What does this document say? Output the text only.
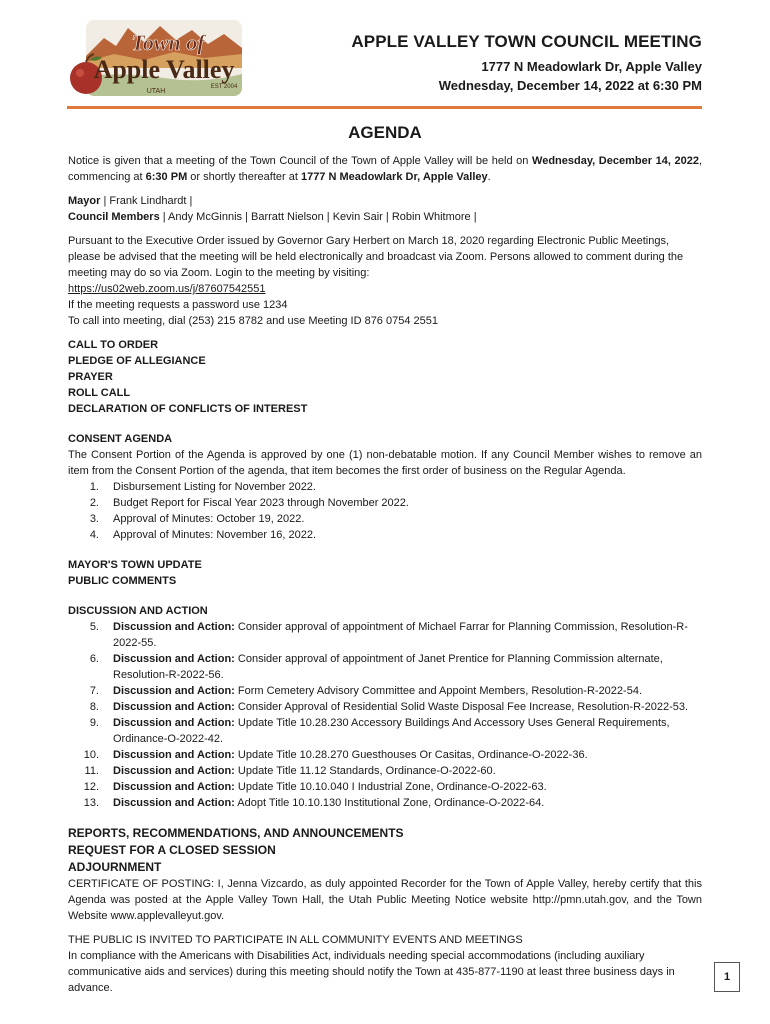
Town of
Apple Valley
UTAH
EST 2004
APPLE VALLEY TOWN COUNCIL MEETING
1777 N Meadowlark Dr, Apple Valley
Wednesday, December 14, 2022 at 6:30 PM
AGENDA

Notice is given that a meeting of the Town Council of the Town of Apple Valley will be held on Wednesday, December 14, 2022, commencing at 6:30 PM or shortly thereafter at 1777 N Meadowlark Dr, Apple Valley.

Mayor | Frank Lindhardt |
Council Members | Andy McGinnis | Barratt Nielson | Kevin Sair | Robin Whitmore |

Pursuant to the Executive Order issued by Governor Gary Herbert on March 18, 2020 regarding Electronic Public Meetings, please be advised that the meeting will be held electronically and broadcast via Zoom. Persons allowed to comment during the meeting may do so via Zoom. Login to the meeting by visiting:

https://us02web.zoom.us/j/87607542551
If the meeting requests a password use 1234
To call into meeting, dial (253) 215 8782 and use Meeting ID 876 0754 2551
CALL TO ORDER
PLEDGE OF ALLEGIANCE
PRAYER
ROLL CALL
DECLARATION OF CONFLICTS OF INTEREST
CONSENT AGENDA

The Consent Portion of the Agenda is approved by one (1) non-debatable motion. If any Council Member wishes to remove an item from the Consent Portion of the agenda, that item becomes the first order of business on the Regular Agenda.

1. Disbursement Listing for November 2022.
2. Budget Report for Fiscal Year 2023 through November 2022.
3. Approval of Minutes: October 19, 2022.
4. Approval of Minutes: November 16, 2022.
MAYOR'S TOWN UPDATE
PUBLIC COMMENTS
DISCUSSION AND ACTION
5. Discussion and Action: Consider approval of appointment of Michael Farrar for Planning Commission, Resolution-R-2022-55.
6. Discussion and Action: Consider approval of appointment of Janet Prentice for Planning Commission alternate, Resolution-R-2022-56.
7. Discussion and Action: Form Cemetery Advisory Committee and Appoint Members, Resolution-R-2022-54.
8. Discussion and Action: Consider Approval of Residential Solid Waste Disposal Fee Increase, Resolution-R-2022-53.
9. Discussion and Action: Update Title 10.28.230 Accessory Buildings And Accessory Uses General Requirements, Ordinance-O-2022-42.
10. Discussion and Action: Update Title 10.28.270 Guesthouses Or Casitas, Ordinance-O-2022-36.
11. Discussion and Action: Update Title 11.12 Standards, Ordinance-O-2022-60.
12. Discussion and Action: Update Title 10.10.040 I Industrial Zone, Ordinance-O-2022-63.
13. Discussion and Action: Adopt Title 10.10.130 Institutional Zone, Ordinance-O-2022-64.
REPORTS, RECOMMENDATIONS, AND ANNOUNCEMENTS
REQUEST FOR A CLOSED SESSION
ADJOURNMENT

CERTIFICATE OF POSTING: I, Jenna Vizcardo, as duly appointed Recorder for the Town of Apple Valley, hereby certify that this Agenda was posted at the Apple Valley Town Hall, the Utah Public Meeting Notice website http://pmn.utah.gov, and the Town Website www.applevalleyut.gov.

THE PUBLIC IS INVITED TO PARTICIPATE IN ALL COMMUNITY EVENTS AND MEETINGS

In compliance with the Americans with Disabilities Act, individuals needing special accommodations (including auxiliary communicative aids and services) during this meeting should notify the Town at 435-877-1190 at least three business days in advance.

1
